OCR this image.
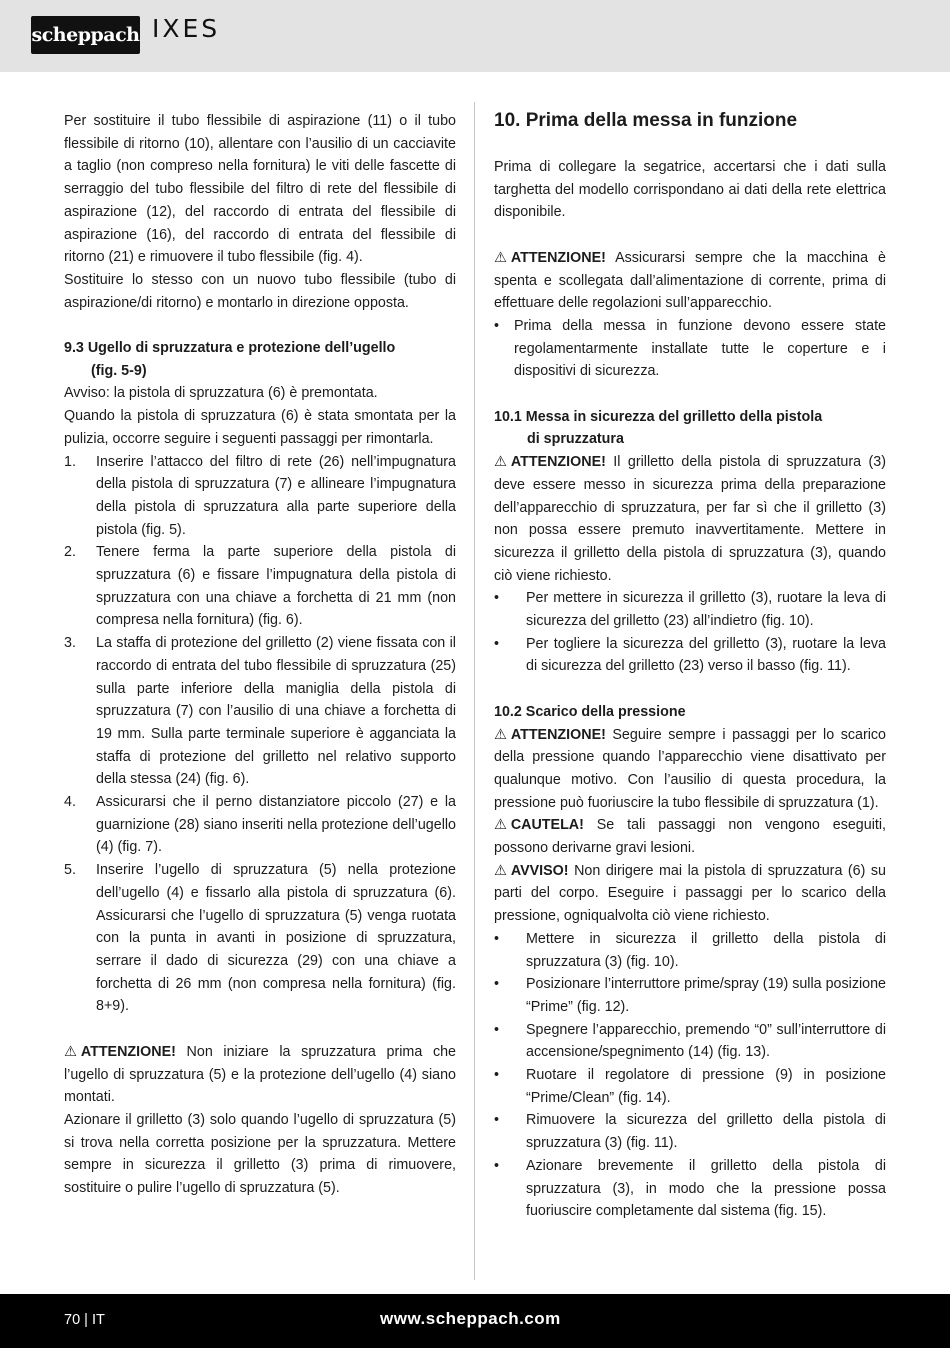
scheppach IXES

Per sostituire il tubo flessibile di aspirazione (11) o il tubo flessibile di ritorno (10), allentare con l’ausilio di un cacciavite a taglio (non compreso nella fornitura) le viti delle fascette di serraggio del tubo flessibile del filtro di rete del flessibile di aspirazione (12), del raccordo di entrata del flessibile di aspirazione (16), del raccordo di entrata del flessibile di ritorno (21) e rimuovere il tubo flessibile (fig. 4).

Sostituire lo stesso con un nuovo tubo flessibile (tubo di aspirazione/di ritorno) e montarlo in direzione opposta.

9.3 Ugello di spruzzatura e protezione dell’ugello
(fig. 5-9)

Avviso: la pistola di spruzzatura (6) è premontata.

Quando la pistola di spruzzatura (6) è stata smontata per la pulizia, occorre seguire i seguenti passaggi per rimontarla.

1.	Inserire l’attacco del filtro di rete (26) nell’impugnatura della pistola di spruzzatura (7) e allineare l’impugnatura della pistola di spruzzatura alla parte superiore della pistola (fig. 5).
2.	Tenere ferma la parte superiore della pistola di spruzzatura (6) e fissare l’impugnatura della pistola di spruzzatura con una chiave a forchetta di 21 mm (non compresa nella fornitura) (fig. 6).
3.	La staffa di protezione del grilletto (2) viene fissata con il raccordo di entrata del tubo flessibile di spruzzatura (25) sulla parte inferiore della maniglia della pistola di spruzzatura (7) con l’ausilio di una chiave a forchetta di 19 mm. Sulla parte terminale superiore è agganciata la staffa di protezione del grilletto nel relativo supporto della stessa (24) (fig. 6).
4.	Assicurarsi che il perno distanziatore piccolo (27) e la guarnizione (28) siano inseriti nella protezione dell’ugello (4) (fig. 7).
5.	Inserire l’ugello di spruzzatura (5) nella protezione dell’ugello (4) e fissarlo alla pistola di spruzzatura (6). Assicurarsi che l’ugello di spruzzatura (5) venga ruotata con la punta in avanti in posizione di spruzzatura, serrare il dado di sicurezza (29) con una chiave a forchetta di 26 mm (non compresa nella fornitura) (fig. 8+9).

⚠ ATTENZIONE! Non iniziare la spruzzatura prima che l’ugello di spruzzatura (5) e la protezione dell’ugello (4) siano montati.

Azionare il grilletto (3) solo quando l’ugello di spruzzatura (5) si trova nella corretta posizione per la spruzzatura. Mettere sempre in sicurezza il grilletto (3) prima di rimuovere, sostituire o pulire l’ugello di spruzzatura (5).

10. Prima della messa in funzione

Prima di collegare la segatrice, accertarsi che i dati sulla targhetta del modello corrispondano ai dati della rete elettrica disponibile.

⚠ ATTENZIONE! Assicurarsi sempre che la macchina è spenta e scollegata dall’alimentazione di corrente, prima di effettuare delle regolazioni sull’apparecchio.

•	Prima della messa in funzione devono essere state regolamentarmente installate tutte le coperture e i dispositivi di sicurezza.

10.1 Messa in sicurezza del grilletto della pistola
di spruzzatura

⚠ ATTENZIONE! Il grilletto della pistola di spruzzatura (3) deve essere messo in sicurezza prima della preparazione dell’apparecchio di spruzzatura, per far sì che il grilletto (3) non possa essere premuto inavvertitamente. Mettere in sicurezza il grilletto della pistola di spruzzatura (3), quando ciò viene richiesto.

•	Per mettere in sicurezza il grilletto (3), ruotare la leva di sicurezza del grilletto (23) all’indietro (fig. 10).
•	Per togliere la sicurezza del grilletto (3), ruotare la leva di sicurezza del grilletto (23) verso il basso (fig. 11).

10.2 Scarico della pressione

⚠ ATTENZIONE! Seguire sempre i passaggi per lo scarico della pressione quando l’apparecchio viene disattivato per qualunque motivo. Con l’ausilio di questa procedura, la pressione può fuoriuscire la tubo flessibile di spruzzatura (1).

⚠ CAUTELA! Se tali passaggi non vengono eseguiti, possono derivarne gravi lesioni.

⚠ AVVISO! Non dirigere mai la pistola di spruzzatura (6) su parti del corpo. Eseguire i passaggi per lo scarico della pressione, ogniqualvolta ciò viene richiesto.

•	Mettere in sicurezza il grilletto della pistola di spruzzatura (3) (fig. 10).
•	Posizionare l’interruttore prime/spray (19) sulla posizione “Prime” (fig. 12).
•	Spegnere l’apparecchio, premendo “0” sull’interruttore di accensione/spegnimento (14) (fig. 13).
•	Ruotare il regolatore di pressione (9) in posizione “Prime/Clean” (fig. 14).
•	Rimuovere la sicurezza del grilletto della pistola di spruzzatura (3) (fig. 11).
•	Azionare brevemente il grilletto della pistola di spruzzatura (3), in modo che la pressione possa fuoriuscire completamente dal sistema (fig. 15).
70 | IT	www.scheppach.com
